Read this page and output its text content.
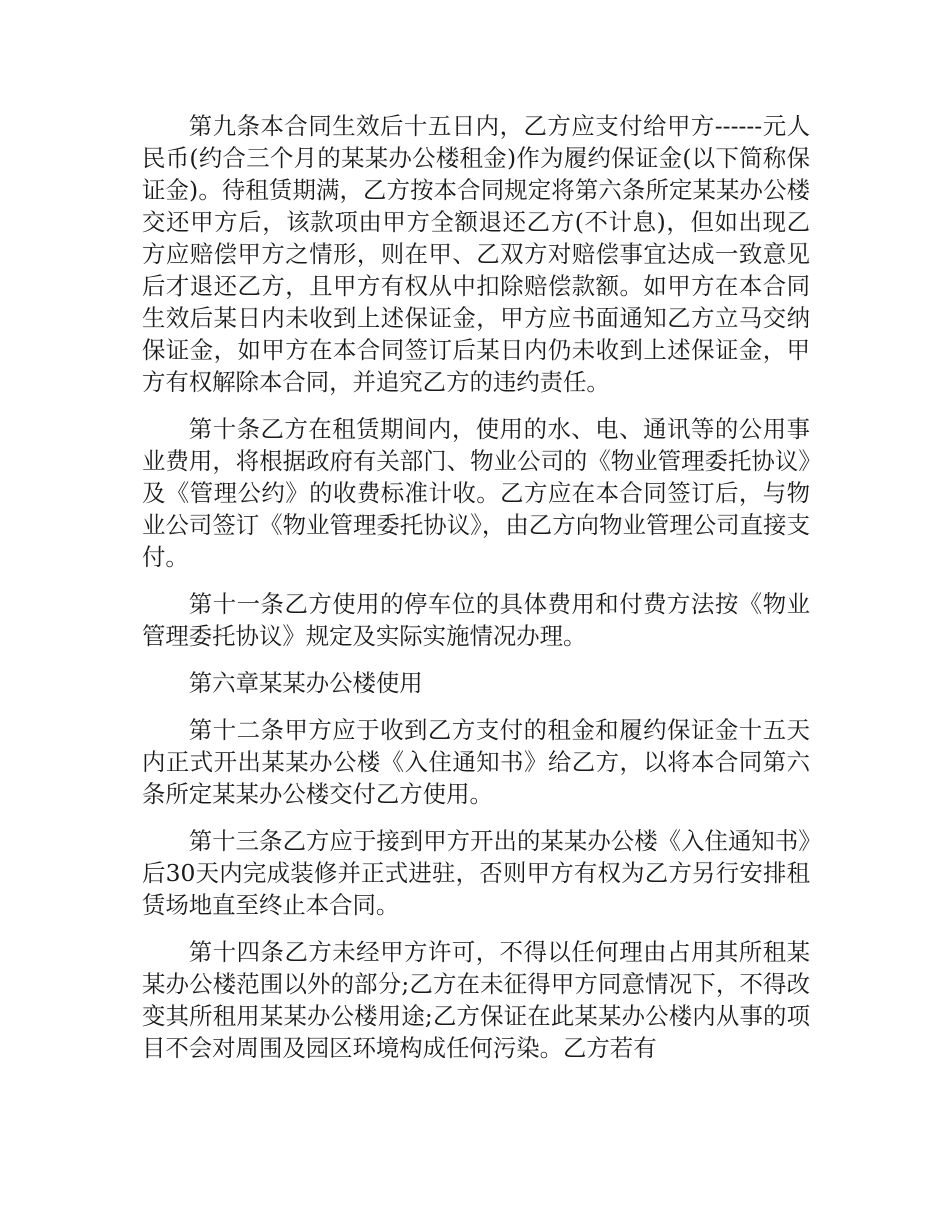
第九条本合同生效后十五日内，乙方应支付给甲方------元人民币(约合三个月的某某办公楼租金)作为履约保证金(以下简称保证金)。待租赁期满，乙方按本合同规定将第六条所定某某办公楼交还甲方后，该款项由甲方全额退还乙方(不计息)，但如出现乙方应赔偿甲方之情形，则在甲、乙双方对赔偿事宜达成一致意见后才退还乙方，且甲方有权从中扣除赔偿款额。如甲方在本合同生效后某日内未收到上述保证金，甲方应书面通知乙方立马交纳保证金，如甲方在本合同签订后某日内仍未收到上述保证金，甲方有权解除本合同，并追究乙方的违约责任。

第十条乙方在租赁期间内，使用的水、电、通讯等的公用事业费用，将根据政府有关部门、物业公司的《物业管理委托协议》及《管理公约》的收费标准计收。乙方应在本合同签订后，与物业公司签订《物业管理委托协议》，由乙方向物业管理公司直接支付。

第十一条乙方使用的停车位的具体费用和付费方法按《物业管理委托协议》规定及实际实施情况办理。

第六章某某办公楼使用

第十二条甲方应于收到乙方支付的租金和履约保证金十五天内正式开出某某办公楼《入住通知书》给乙方，以将本合同第六条所定某某办公楼交付乙方使用。

第十三条乙方应于接到甲方开出的某某办公楼《入住通知书》后30天内完成装修并正式进驻，否则甲方有权为乙方另行安排租赁场地直至终止本合同。

第十四条乙方未经甲方许可，不得以任何理由占用其所租某某办公楼范围以外的部分;乙方在未征得甲方同意情况下，不得改变其所租用某某办公楼用途;乙方保证在此某某办公楼内从事的项目不会对周围及园区环境构成任何污染。乙方若有
